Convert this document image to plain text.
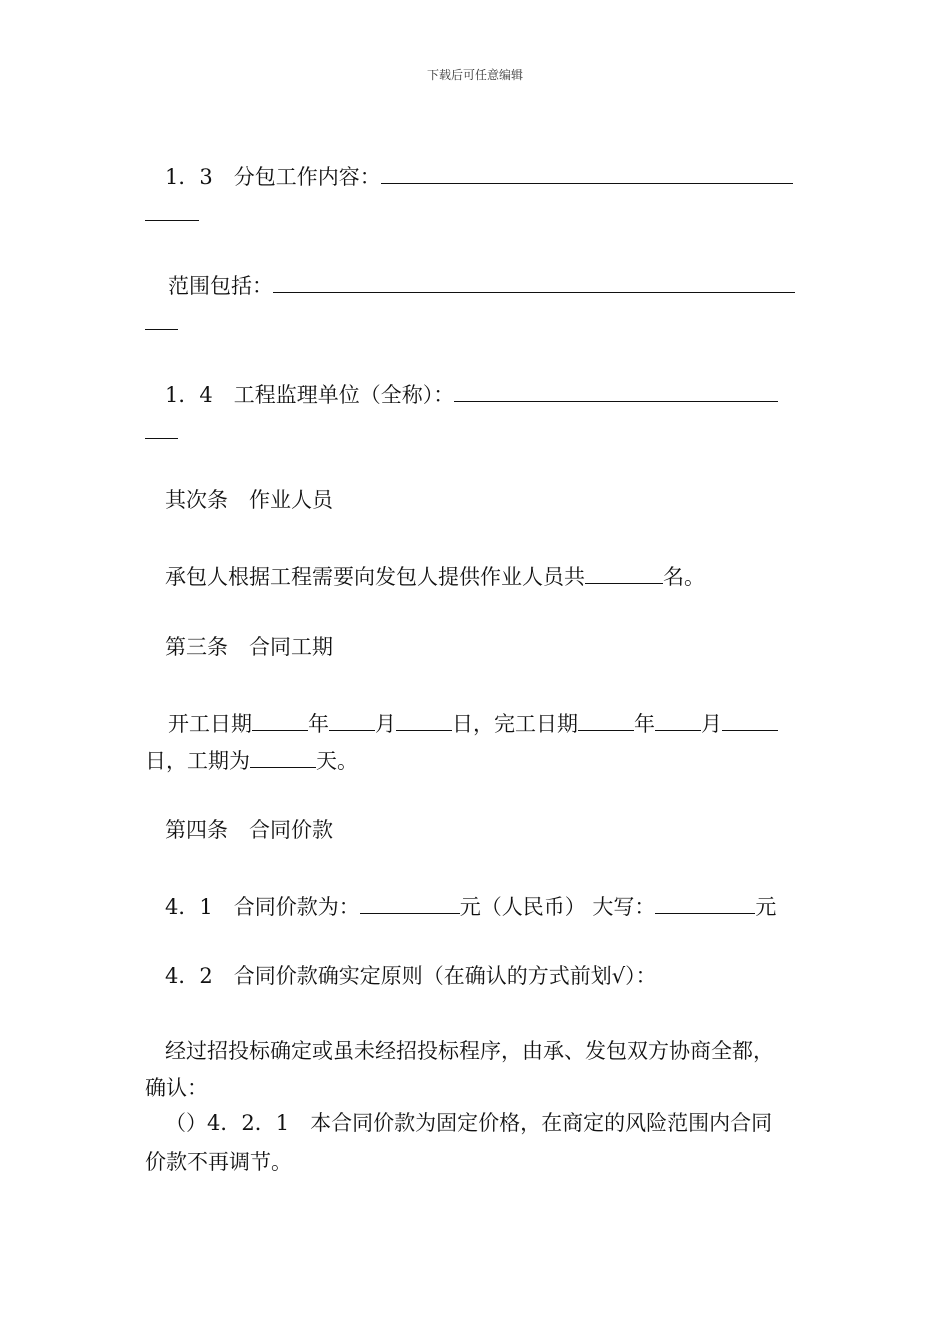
下载后可任意编辑
1．3　分包工作内容：
范围包括：
1．4　工程监理单位（全称）：
其次条　作业人员
承包人根据工程需要向发包人提供作业人员共	名。
第三条　合同工期
开工日期	年 月	日，完工日期	年 月
日，工期为	天。
第四条　合同价款
4．1　合同价款为：	元（人民币） 大写：	元
4．2　合同价款确实定原则（在确认的方式前划√）：
经过招投标确定或虽未经招投标程序，由承、发包双方协商全都，
确认：
（）4．2．1　本合同价款为固定价格，在商定的风险范围内合同
价款不再调节。
